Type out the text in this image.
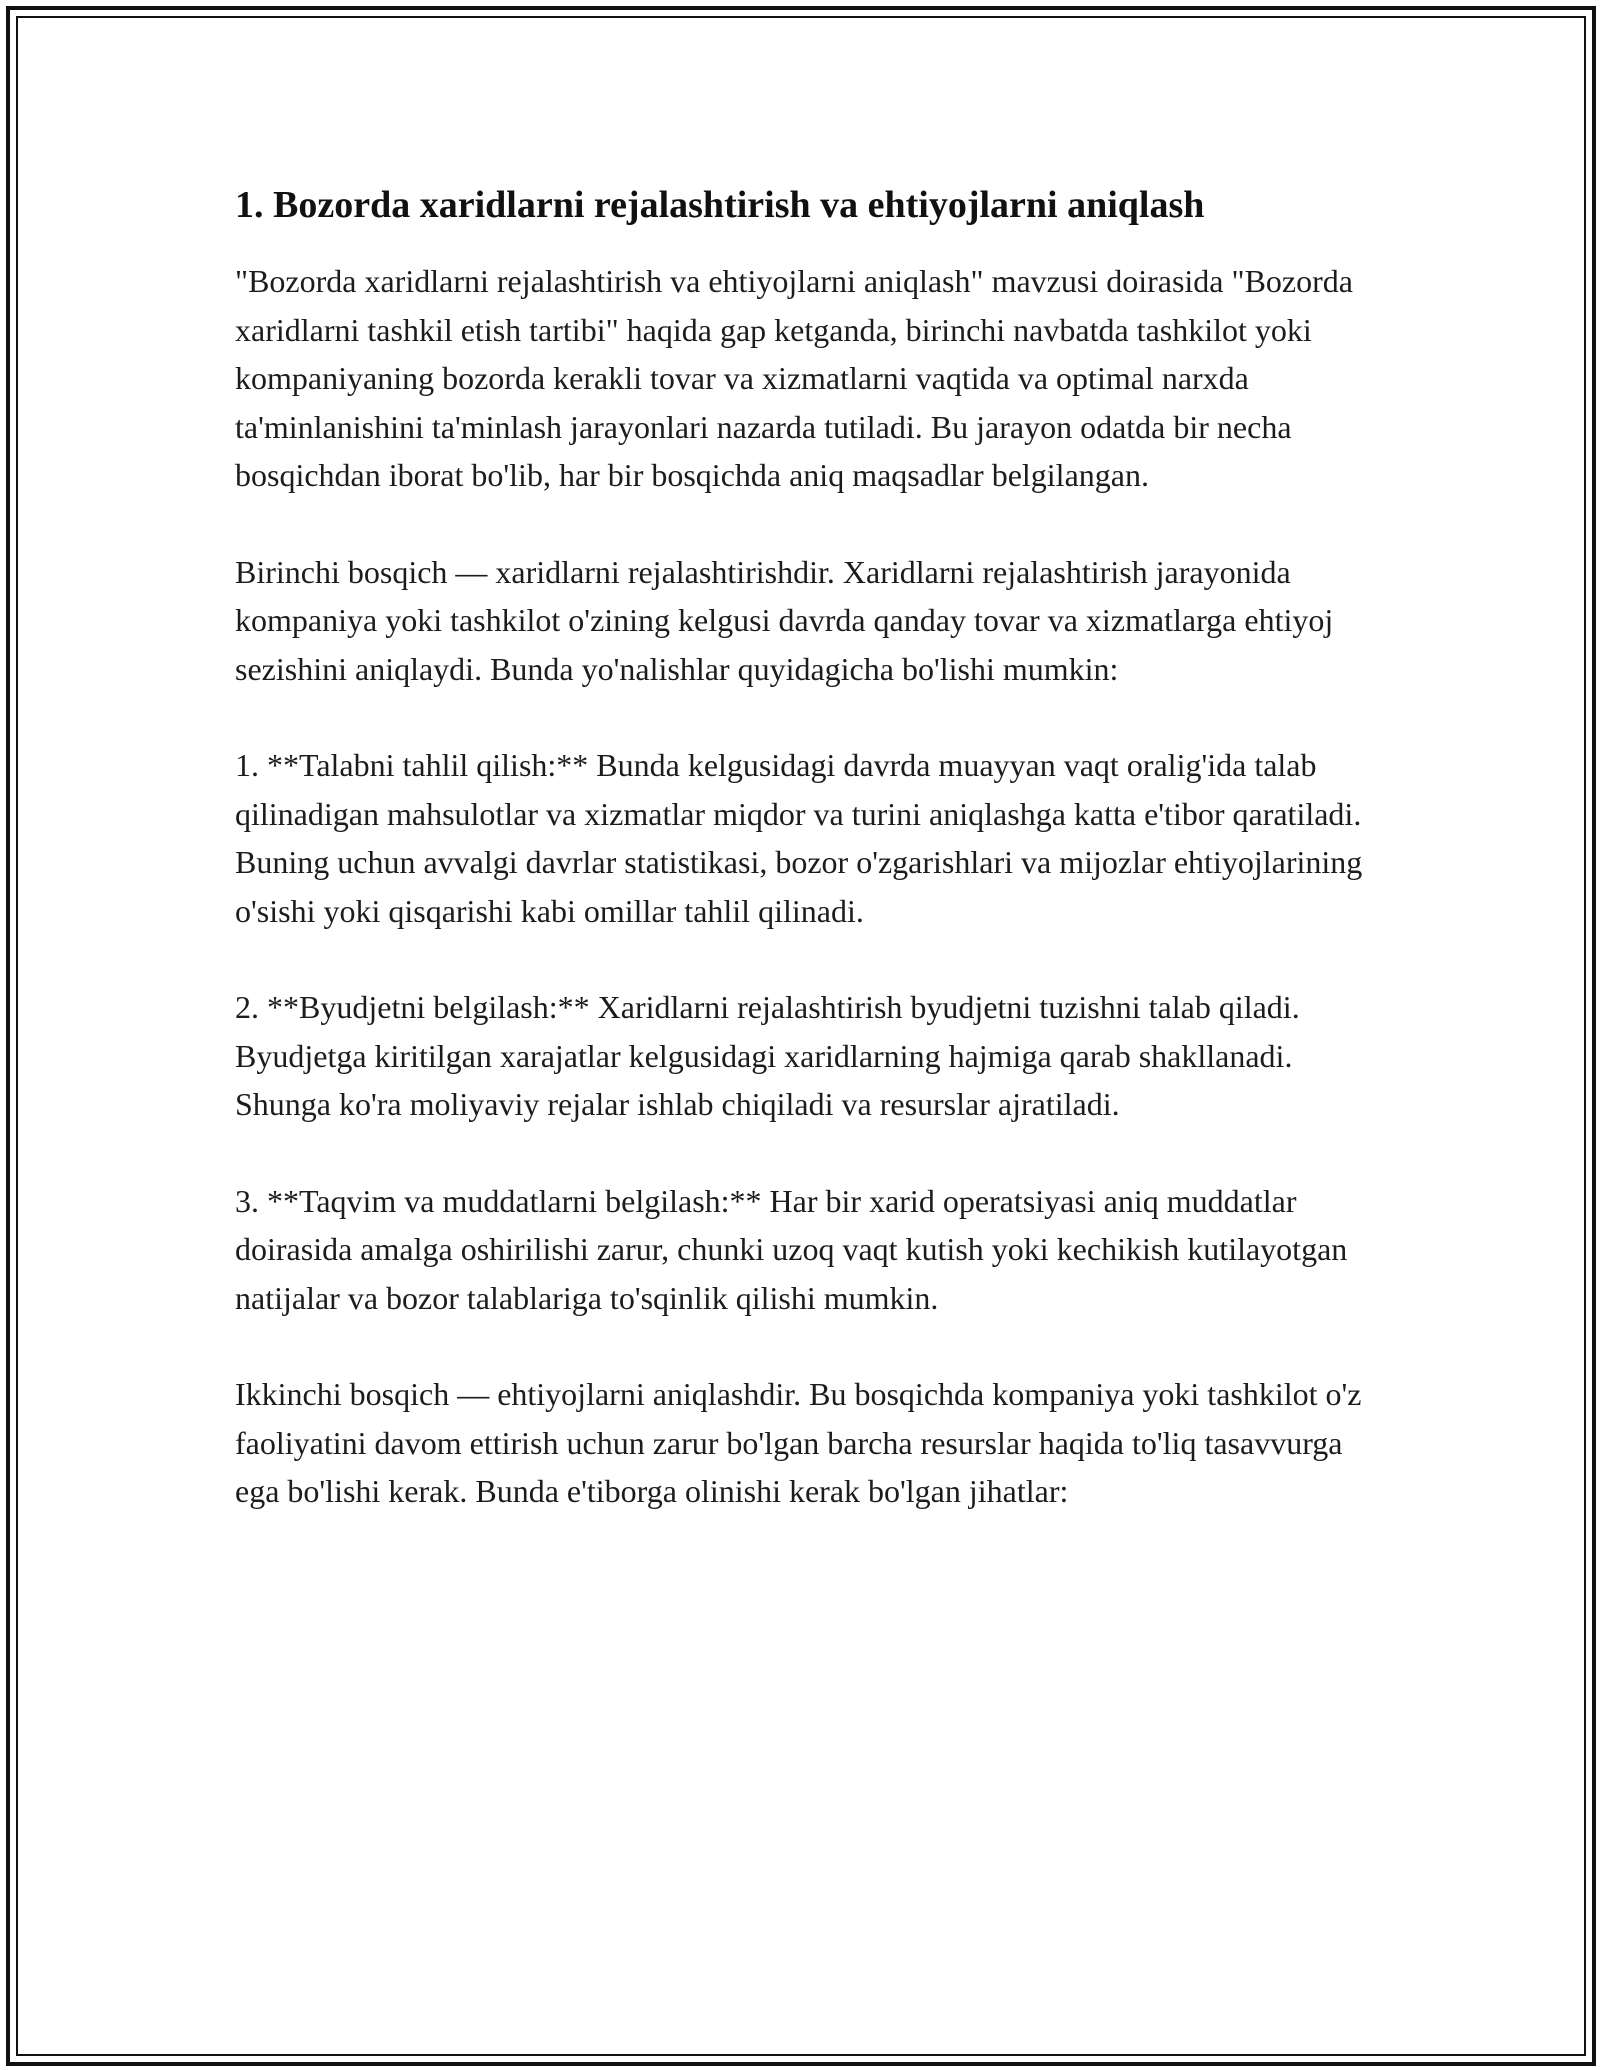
1. Bozorda xaridlarni rejalashtirish va ehtiyojlarni aniqlash

"Bozorda xaridlarni rejalashtirish va ehtiyojlarni aniqlash" mavzusi doirasida "Bozorda xaridlarni tashkil etish tartibi" haqida gap ketganda, birinchi navbatda tashkilot yoki kompaniyaning bozorda kerakli tovar va xizmatlarni vaqtida va optimal narxda ta'minlanishini ta'minlash jarayonlari nazarda tutiladi. Bu jarayon odatda bir necha bosqichdan iborat bo'lib, har bir bosqichda aniq maqsadlar belgilangan.

Birinchi bosqich — xaridlarni rejalashtirishdir. Xaridlarni rejalashtirish jarayonida kompaniya yoki tashkilot o'zining kelgusi davrda qanday tovar va xizmatlarga ehtiyoj sezishini aniqlaydi. Bunda yo'nalishlar quyidagicha bo'lishi mumkin:

1. **Talabni tahlil qilish:** Bunda kelgusidagi davrda muayyan vaqt oralig'ida talab qilinadigan mahsulotlar va xizmatlar miqdor va turini aniqlashga katta e'tibor qaratiladi. Buning uchun avvalgi davrlar statistikasi, bozor o'zgarishlari va mijozlar ehtiyojlarining o'sishi yoki qisqarishi kabi omillar tahlil qilinadi.

2. **Byudjetni belgilash:** Xaridlarni rejalashtirish byudjetni tuzishni talab qiladi. Byudjetga kiritilgan xarajatlar kelgusidagi xaridlarning hajmiga qarab shakllanadi. Shunga ko'ra moliyaviy rejalar ishlab chiqiladi va resurslar ajratiladi.

3. **Taqvim va muddatlarni belgilash:** Har bir xarid operatsiyasi aniq muddatlar doirasida amalga oshirilishi zarur, chunki uzoq vaqt kutish yoki kechikish kutilayotgan natijalar va bozor talablariga to'sqinlik qilishi mumkin.

Ikkinchi bosqich — ehtiyojlarni aniqlashdir. Bu bosqichda kompaniya yoki tashkilot o'z faoliyatini davom ettirish uchun zarur bo'lgan barcha resurslar haqida to'liq tasavvurga ega bo'lishi kerak. Bunda e'tiborga olinishi kerak bo'lgan jihatlar:
